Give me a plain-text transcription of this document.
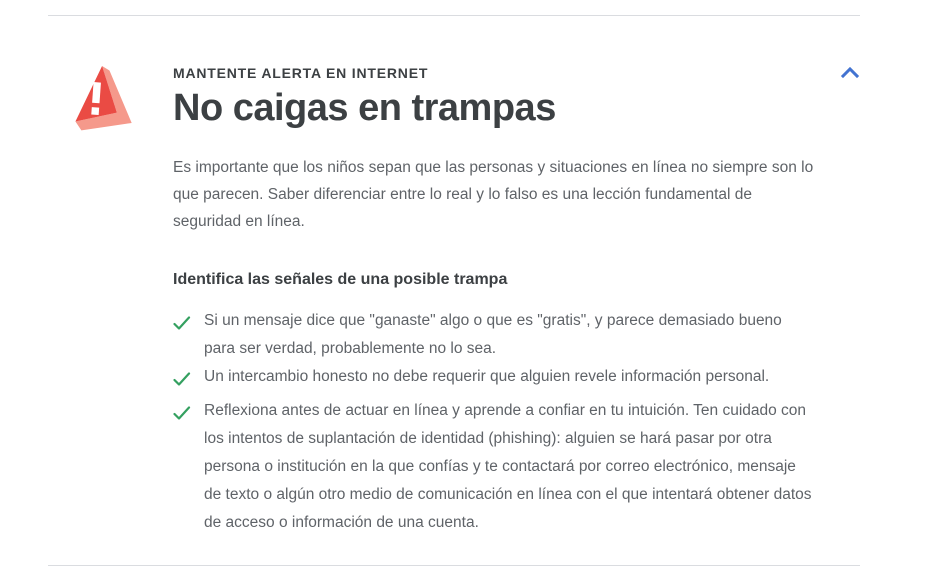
MANTENTE ALERTA EN INTERNET
No caigas en trampas

Es importante que los niños sepan que las personas y situaciones en línea no siempre son lo que parecen. Saber diferenciar entre lo real y lo falso es una lección fundamental de seguridad en línea.

Identifica las señales de una posible trampa
Si un mensaje dice que "ganaste" algo o que es "gratis", y parece demasiado bueno para ser verdad, probablemente no lo sea.
Un intercambio honesto no debe requerir que alguien revele información personal.
Reflexiona antes de actuar en línea y aprende a confiar en tu intuición. Ten cuidado con los intentos de suplantación de identidad (phishing): alguien se hará pasar por otra persona o institución en la que confías y te contactará por correo electrónico, mensaje de texto o algún otro medio de comunicación en línea con el que intentará obtener datos de acceso o información de una cuenta.
